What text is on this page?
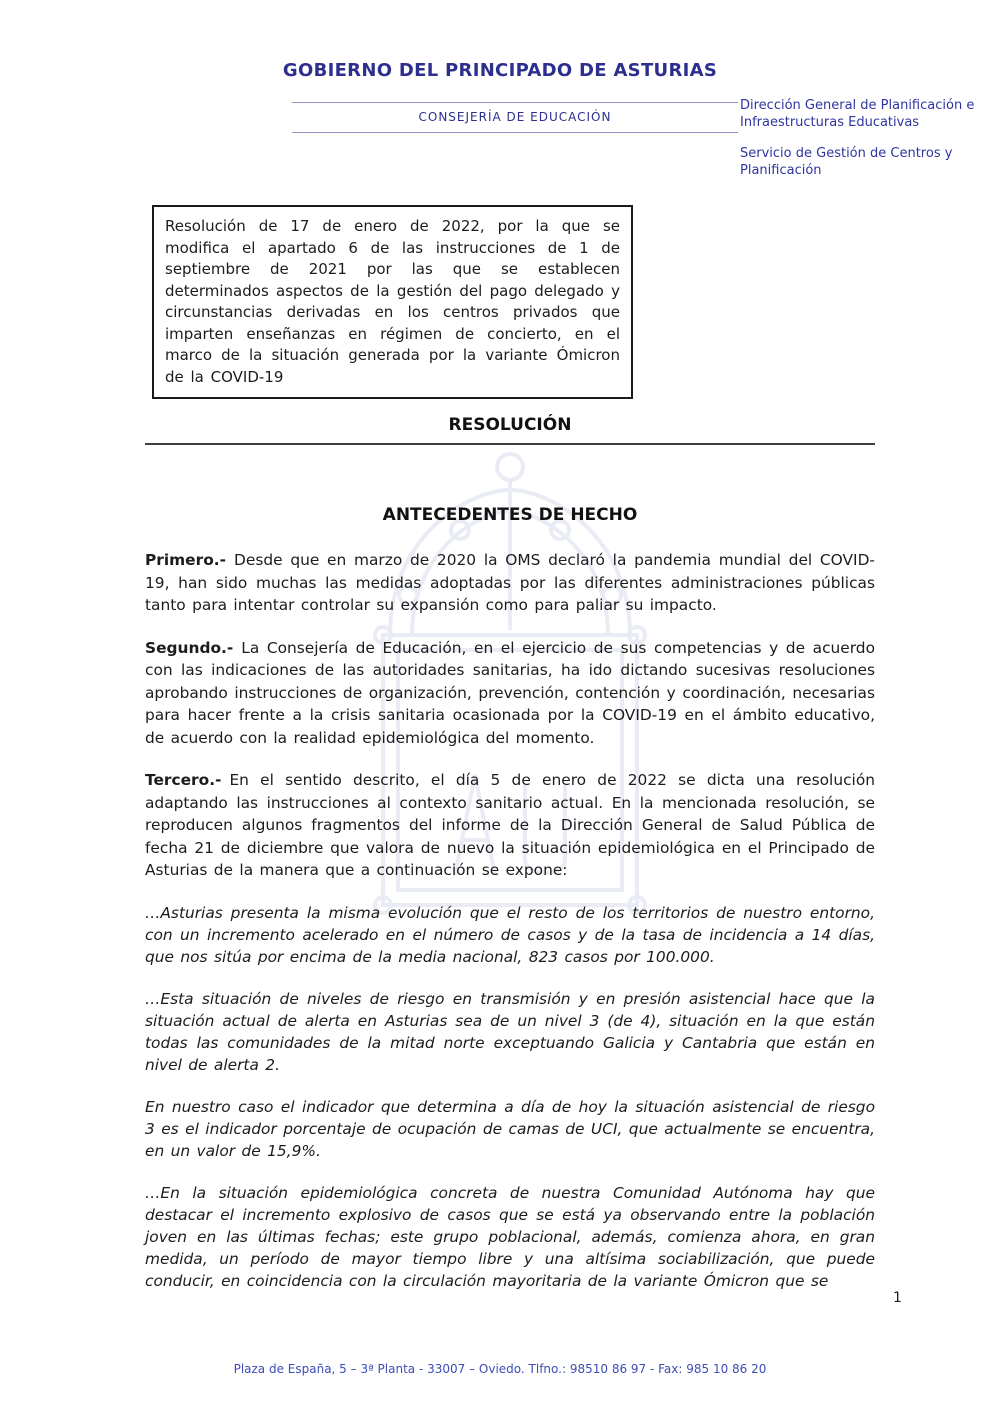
GOBIERNO DEL PRINCIPADO DE ASTURIAS
CONSEJERÍA DE EDUCACIÓN

Dirección General de Planificación e Infraestructuras Educativas

Servicio de Gestión de Centros y Planificación

Resolución de 17 de enero de 2022, por la que se modifica el apartado 6 de las instrucciones de 1 de septiembre de 2021 por las que se establecen determinados aspectos de la gestión del pago delegado y circunstancias derivadas en los centros privados que imparten enseñanzas en régimen de concierto, en el marco de la situación generada por la variante Ómicron de la COVID-19
RESOLUCIÓN
ANTECEDENTES DE HECHO

Primero.- Desde que en marzo de 2020 la OMS declaró la pandemia mundial del COVID- 19, han sido muchas las medidas adoptadas por las diferentes administraciones públicas tanto para intentar controlar su expansión como para paliar su impacto.

Segundo.- La Consejería de Educación, en el ejercicio de sus competencias y de acuerdo con las indicaciones de las autoridades sanitarias, ha ido dictando sucesivas resoluciones aprobando instrucciones de organización, prevención, contención y coordinación, necesarias para hacer frente a la crisis sanitaria ocasionada por la COVID-19 en el ámbito educativo, de acuerdo con la realidad epidemiológica del momento.

Tercero.- En el sentido descrito, el día 5 de enero de 2022 se dicta una resolución adaptando las instrucciones al contexto sanitario actual. En la mencionada resolución, se reproducen algunos fragmentos del informe de la Dirección General de Salud Pública de fecha 21 de diciembre que valora de nuevo la situación epidemiológica en el Principado de Asturias de la manera que a continuación se expone:

…Asturias presenta la misma evolución que el resto de los territorios de nuestro entorno, con un incremento acelerado en el número de casos y de la tasa de incidencia a 14 días, que nos sitúa por encima de la media nacional, 823 casos por 100.000.

…Esta situación de niveles de riesgo en transmisión y en presión asistencial hace que la situación actual de alerta en Asturias sea de un nivel 3 (de 4), situación en la que están todas las comunidades de la mitad norte exceptuando Galicia y Cantabria que están en nivel de alerta 2.

En nuestro caso el indicador que determina a día de hoy la situación asistencial de riesgo 3 es el indicador porcentaje de ocupación de camas de UCI, que actualmente se encuentra, en un valor de 15,9%.

…En la situación epidemiológica concreta de nuestra Comunidad Autónoma hay que destacar el incremento explosivo de casos que se está ya observando entre la población joven en las últimas fechas; este grupo poblacional, además, comienza ahora, en gran medida, un período de mayor tiempo libre y una altísima sociabilización, que puede conducir, en coincidencia con la circulación mayoritaria de la variante Ómicron que se

1
Plaza de España, 5 – 3ª Planta - 33007 – Oviedo. Tlfno.: 98510 86 97 - Fax: 985 10 86 20
